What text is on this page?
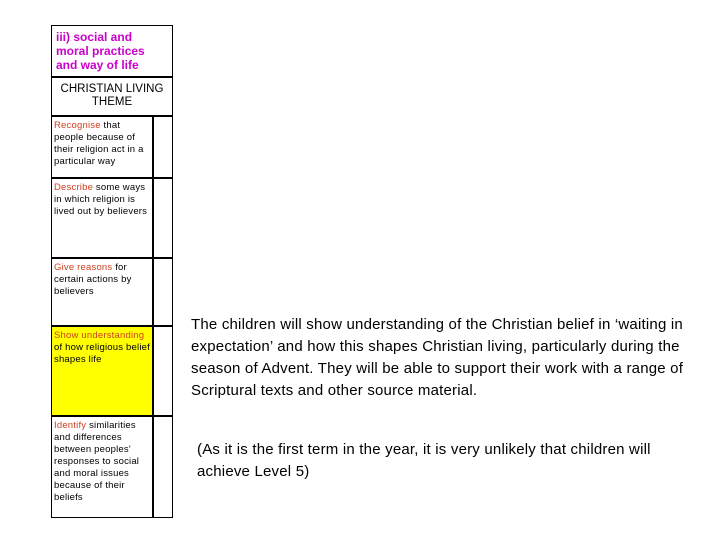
iii) social and moral practices and way of life
CHRISTIAN LIVING THEME
Recognise that people because of their religion act in a particular way
Describe some ways in which religion is lived out by believers
Give reasons for certain actions by believers
Show understanding of how religious belief shapes life
Identify similarities and differences between peoples' responses to social and moral issues because of their beliefs
The children will show understanding of the Christian belief in ‘waiting in expectation’ and how this shapes Christian living, particularly during the season of Advent. They will be able to support their work with a range of Scriptural texts and other source material.
(As it is the first term in the year, it is very unlikely that children will achieve Level 5)
